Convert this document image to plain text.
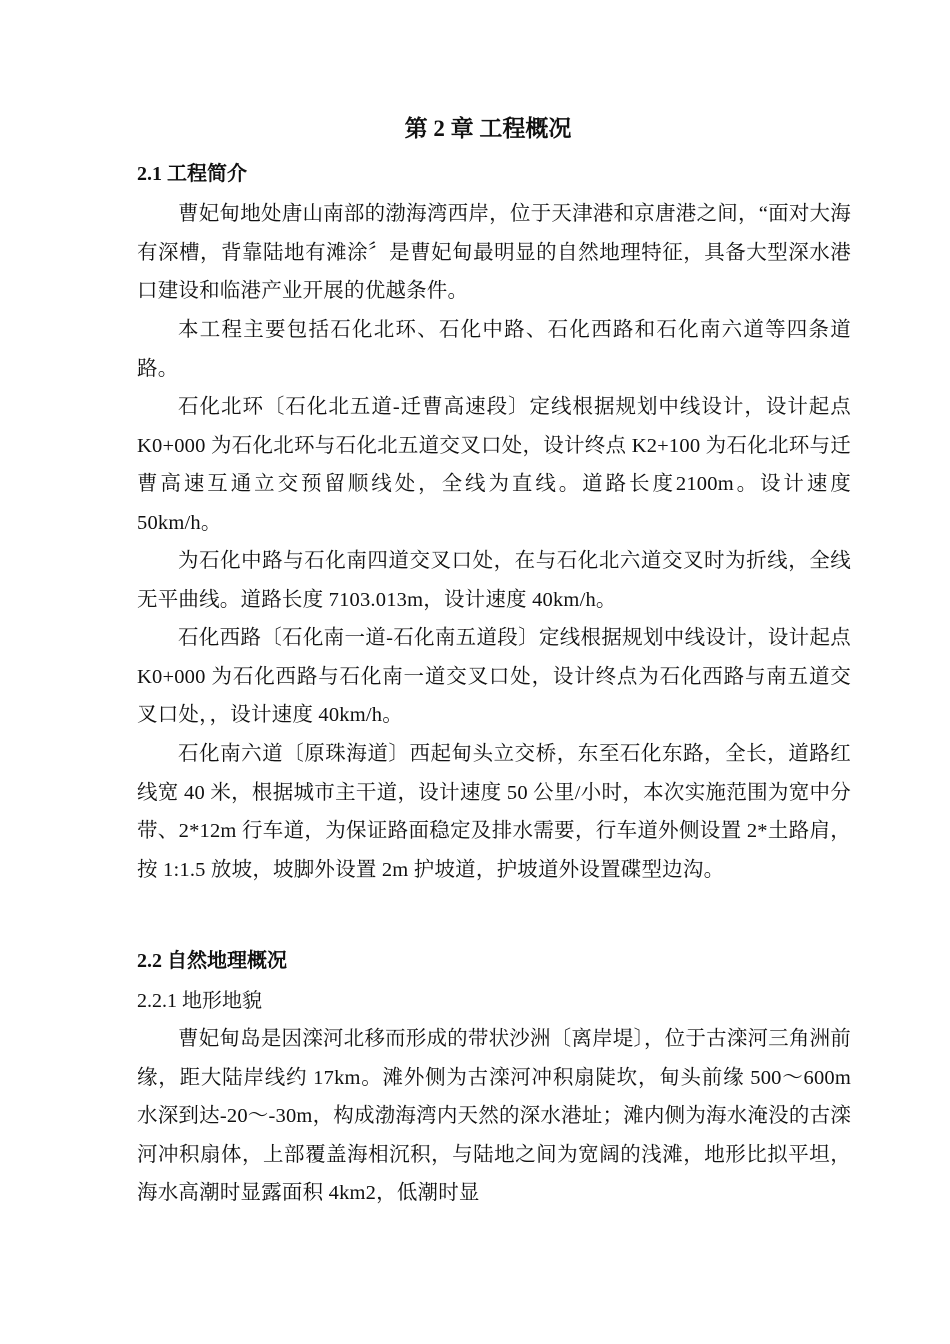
第 2 章 工程概况
2.1 工程简介

曹妃甸地处唐山南部的渤海湾西岸，位于天津港和京唐港之间，“面对大海有深槽，背靠陆地有滩涂〞是曹妃甸最明显的自然地理特征，具备大型深水港口建设和临港产业开展的优越条件。

本工程主要包括石化北环、石化中路、石化西路和石化南六道等四条道路。

石化北环〔石化北五道-迁曹高速段〕定线根据规划中线设计，设计起点 K0+000 为石化北环与石化北五道交叉口处，设计终点 K2+100 为石化北环与迁曹高速互通立交预留顺线处，全线为直线。道路长度2100m。设计速度 50km/h。

为石化中路与石化南四道交叉口处，在与石化北六道交叉时为折线，全线无平曲线。道路长度 7103.013m，设计速度 40km/h。

石化西路〔石化南一道-石化南五道段〕定线根据规划中线设计，设计起点 K0+000 为石化西路与石化南一道交叉口处，设计终点为石化西路与南五道交叉口处，，设计速度 40km/h。

石化南六道〔原珠海道〕西起甸头立交桥，东至石化东路，全长，道路红线宽 40 米，根据城市主干道，设计速度 50 公里/小时，本次实施范围为宽中分带、2*12m 行车道，为保证路面稳定及排水需要，行车道外侧设置 2*土路肩，按 1:1.5 放坡，坡脚外设置 2m 护坡道，护坡道外设置碟型边沟。

2.2 自然地理概况
2.2.1 地形地貌

曹妃甸岛是因滦河北移而形成的带状沙洲〔离岸堤〕，位于古滦河三角洲前缘，距大陆岸线约 17km。滩外侧为古滦河冲积扇陡坎，甸头前缘 500～600m 水深到达-20～-30m，构成渤海湾内天然的深水港址；滩内侧为海水淹没的古滦河冲积扇体，上部覆盖海相沉积，与陆地之间为宽阔的浅滩，地形比拟平坦，海水高潮时显露面积 4km2，低潮时显
